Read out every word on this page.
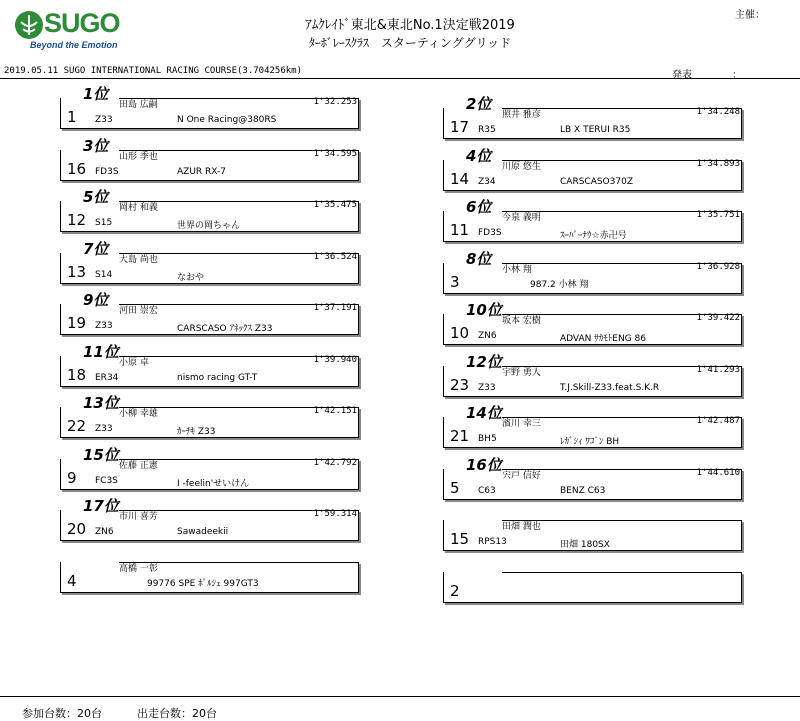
SUGO
Beyond the Emotion
ｱﾑｸﾚｲﾄﾞ東北&東北No.1決定戦2019
ﾀｰﾎﾞﾚｰｽｸﾗｽ　スターティンググリッド
主催：
2019.05.11 SUGO INTERNATIONAL RACING COURSE(3.704256km)	発表	：
1位
1
田島 広嗣	1'32.253
Z33	N One Racing@380RS
2位
17
照井 雅彦	1'34.248
R35	LB X TERUI R35
3位
16
山形 季也	1'34.595
FD3S	AZUR RX-7
4位
14
川原 悠生	1'34.893
Z34	CARSCASO370Z
5位
12
岡村 和義	1'35.475
S15	世界の岡ちゃん
6位
11
今泉 義明	1'35.751
FD3S	ｽｰﾊﾟｰﾅｳ☆赤卍号
7位
13
大島 尚也	1'36.524
S14	なおや
8位
3
小林 翔	1'36.928
987.2 小林 翔
9位
19
河田 崇宏	1'37.191
Z33	CARSCASO ｱﾈｯｸｽ Z33
10位
10
坂本 宏樹	1'39.422
ZN6	ADVAN ｻｶﾓﾄENG 86
11位
18
小原 卓	1'39.940
ER34	nismo racing GT-T
12位
23
宇野 勇人	1'41.293
Z33	T.J.Skill-Z33.feat.S.K.R
13位
22
小柳 幸雄	1'42.151
Z33	ｶｰﾁｷ Z33
14位
21
濱川 幸三	1'42.487
BH5	ﾚｶﾞｼｨ ﾜｺﾞﾝ BH
15位
9
佐藤 正憲	1'42.792
FC3S	I -feelin'せいけん
16位
5
宍戸 信好	1'44.610
C63	BENZ C63
17位
20
市川 喜芳	1'59.314
ZN6	Sawadeekii	15
田畑 潤也
RPS13	田畑 180SX
4
高橋 一彰
99776 SPE ﾎﾟﾙｼｪ 997GT3	2
参加台数：20台	出走台数：20台
